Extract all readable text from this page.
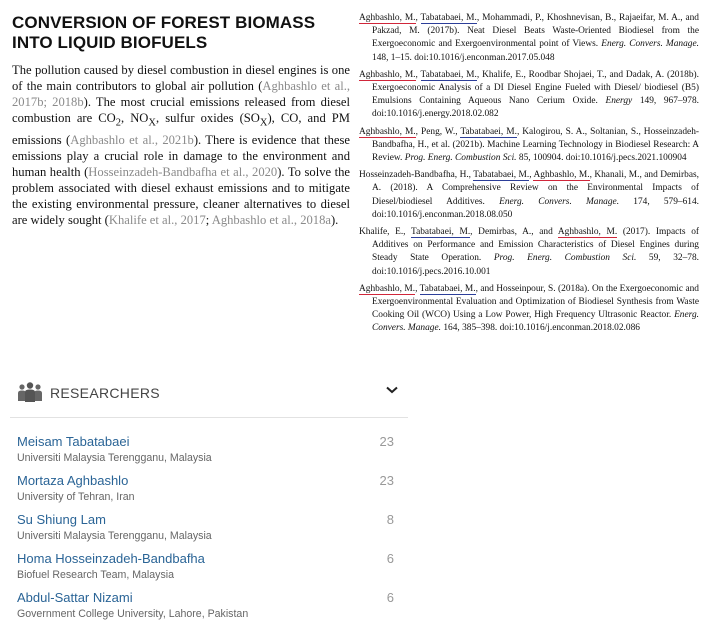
CONVERSION OF FOREST BIOMASS INTO LIQUID BIOFUELS

The pollution caused by diesel combustion in diesel engines is one of the main contributors to global air pollution (Aghbashlo et al., 2017b; 2018b). The most crucial emissions released from diesel combustion are $CO_2$, $NO_X$, sulfur oxides $(SO_X)$, CO, and PM emissions (Aghbashlo et al., 2021b). There is evidence that these emissions play a crucial role in damage to the environment and human health (Hosseinzadeh-Bandbafha et al., 2020). To solve the problem associated with diesel exhaust emissions and to mitigate the existing environmental pressure, cleaner alternatives to diesel are widely sought (Khalife et al., 2017; Aghbashlo et al., 2018a).

Aghbashlo, M., Tabatabaei, M., Mohammadi, P., Khoshnevisan, B., Rajaeifar, M. A., and Pakzad, M. (2017b). Neat Diesel Beats Waste-Oriented Biodiesel from the Exergoeconomic and Exergoenvironmental point of Views. Energ. Convers. Manage. 148, 1–15. doi:10.1016/j.enconman.2017.05.048
Aghbashlo, M., Tabatabaei, M., Khalife, E., Roodbar Shojaei, T., and Dadak, A. (2018b). Exergoeconomic Analysis of a DI Diesel Engine Fueled with Diesel/ biodiesel (B5) Emulsions Containing Aqueous Nano Cerium Oxide. Energy 149, 967–978. doi:10.1016/j.energy.2018.02.082
Aghbashlo, M., Peng, W., Tabatabaei, M., Kalogirou, S. A., Soltanian, S., Hosseinzadeh-Bandbafha, H., et al. (2021b). Machine Learning Technology in Biodiesel Research: A Review. Prog. Energ. Combustion Sci. 85, 100904. doi:10.1016/j.pecs.2021.100904
Hosseinzadeh-Bandbafha, H., Tabatabaei, M., Aghbashlo, M., Khanali, M., and Demirbas, A. (2018). A Comprehensive Review on the Environmental Impacts of Diesel/biodiesel Additives. Energ. Convers. Manage. 174, 579–614. doi:10.1016/j.enconman.2018.08.050
Khalife, E., Tabatabaei, M., Demirbas, A., and Aghbashlo, M. (2017). Impacts of Additives on Performance and Emission Characteristics of Diesel Engines during Steady State Operation. Prog. Energ. Combustion Sci. 59, 32–78. doi:10.1016/j.pecs.2016.10.001
Aghbashlo, M., Tabatabaei, M., and Hosseinpour, S. (2018a). On the Exergoeconomic and Exergoenvironmental Evaluation and Optimization of Biodiesel Synthesis from Waste Cooking Oil (WCO) Using a Low Power, High Frequency Ultrasonic Reactor. Energ. Convers. Manage. 164, 385–398. doi:10.1016/j.enconman.2018.02.086
RESEARCHERS
Meisam Tabatabaei
Universiti Malaysia Terengganu, Malaysia
23
Mortaza Aghbashlo
University of Tehran, Iran
23
Su Shiung Lam
Universiti Malaysia Terengganu, Malaysia
8
Homa Hosseinzadeh-Bandbafha
Biofuel Research Team, Malaysia
6
Abdul-Sattar Nizami
Government College University, Lahore, Pakistan
6
